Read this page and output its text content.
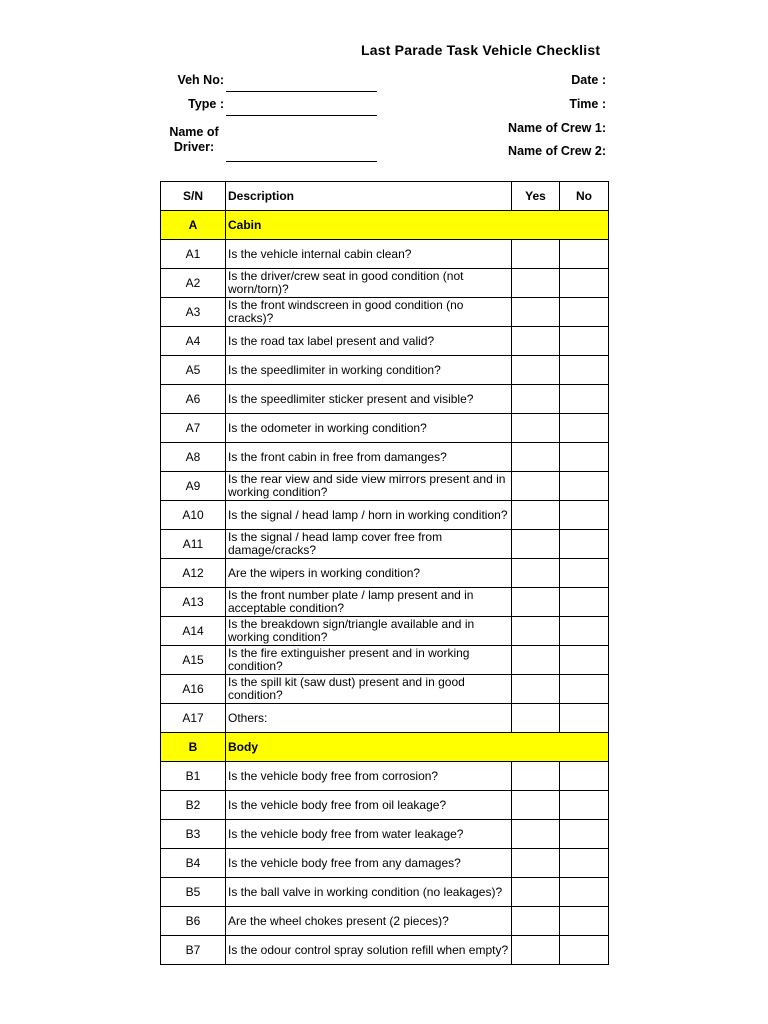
Last Parade Task Vehicle Checklist
Veh No:
Type :
Name of Driver:
Date :
Time :
Name of Crew 1:
Name of Crew 2:
S/N	Description	Yes	No
A	Cabin		
A1	Is the vehicle internal cabin clean?		
A2	Is the driver/crew seat in good condition (not worn/torn)?		
A3	Is the front windscreen in good condition (no cracks)?		
A4	Is the road tax label present and valid?		
A5	Is the speedlimiter in working condition?		
A6	Is the speedlimiter sticker present and visible?		
A7	Is the odometer in working condition?		
A8	Is the front cabin in free from damanges?		
A9	Is the rear view and side view mirrors present and in working condition?		
A10	Is the signal / head lamp / horn in working condition?		
A11	Is the signal / head lamp cover free from damage/cracks?		
A12	Are the wipers in working condition?		
A13	Is the front number plate / lamp present and in acceptable condition?		
A14	Is the breakdown sign/triangle available and in working condition?		
A15	Is the fire extinguisher present and in working condition?		
A16	Is the spill kit (saw dust) present and in good condition?		
A17	Others:		
B	Body		
B1	Is the vehicle body free from corrosion?		
B2	Is the vehicle body free from oil leakage?		
B3	Is the vehicle body free from water leakage?		
B4	Is the vehicle body free from any damages?		
B5	Is the ball valve in working condition (no leakages)?		
B6	Are the wheel chokes present (2 pieces)?		
B7	Is the odour control spray solution refill when empty?		
